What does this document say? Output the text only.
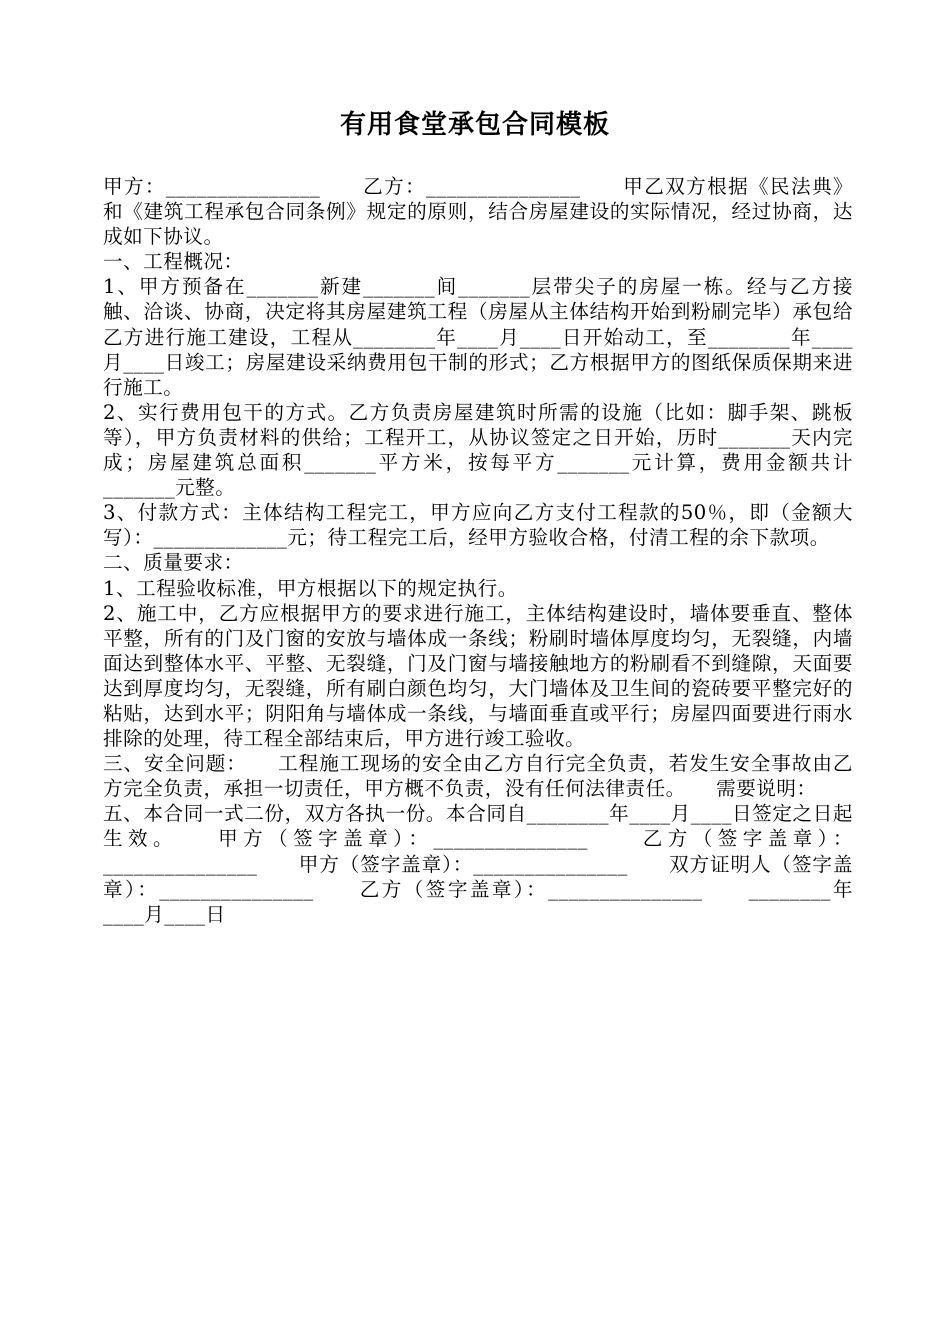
有用食堂承包合同模板

甲方：_______________　　乙方：_______________　　甲乙双方根据《民法典》和《建筑工程承包合同条例》规定的原则，结合房屋建设的实际情况，经过协商，达成如下协议。

一、工程概况：

1、甲方预备在_______新建_______间_______层带尖子的房屋一栋。经与乙方接触、洽谈、协商，决定将其房屋建筑工程（房屋从主体结构开始到粉刷完毕）承包给乙方进行施工建设，工程从________年____月____日开始动工，至________年____月____日竣工；房屋建设采纳费用包干制的形式；乙方根据甲方的图纸保质保期来进行施工。

2、实行费用包干的方式。乙方负责房屋建筑时所需的设施（比如：脚手架、跳板等），甲方负责材料的供给；工程开工，从协议签定之日开始，历时_______天内完成；房屋建筑总面积_______平方米，按每平方_______元计算，费用金额共计_______元整。

3、付款方式：主体结构工程完工，甲方应向乙方支付工程款的50％，即（金额大写）：_____________元；待工程完工后，经甲方验收合格，付清工程的余下款项。

二、质量要求：

1、工程验收标准，甲方根据以下的规定执行。

2、施工中，乙方应根据甲方的要求进行施工，主体结构建设时，墙体要垂直、整体平整，所有的门及门窗的安放与墙体成一条线；粉刷时墙体厚度均匀，无裂缝，内墙面达到整体水平、平整、无裂缝，门及门窗与墙接触地方的粉刷看不到缝隙，天面要达到厚度均匀，无裂缝，所有刷白颜色均匀，大门墙体及卫生间的瓷砖要平整完好的粘贴，达到水平；阴阳角与墙体成一条线，与墙面垂直或平行；房屋四面要进行雨水排除的处理，待工程全部结束后，甲方进行竣工验收。

三、安全问题：　　工程施工现场的安全由乙方自行完全负责，若发生安全事故由乙方完全负责，承担一切责任，甲方概不负责，没有任何法律责任。　　需要说明：

五、本合同一式二份，双方各执一份。本合同自________年____月____日签定之日起生效。　　甲方（签字盖章）：_______________　　乙方（签字盖章）：_______________　　甲方（签字盖章）：_______________　　双方证明人（签字盖章）：_______________　　乙方（签字盖章）：_______________　　________年____月____日
